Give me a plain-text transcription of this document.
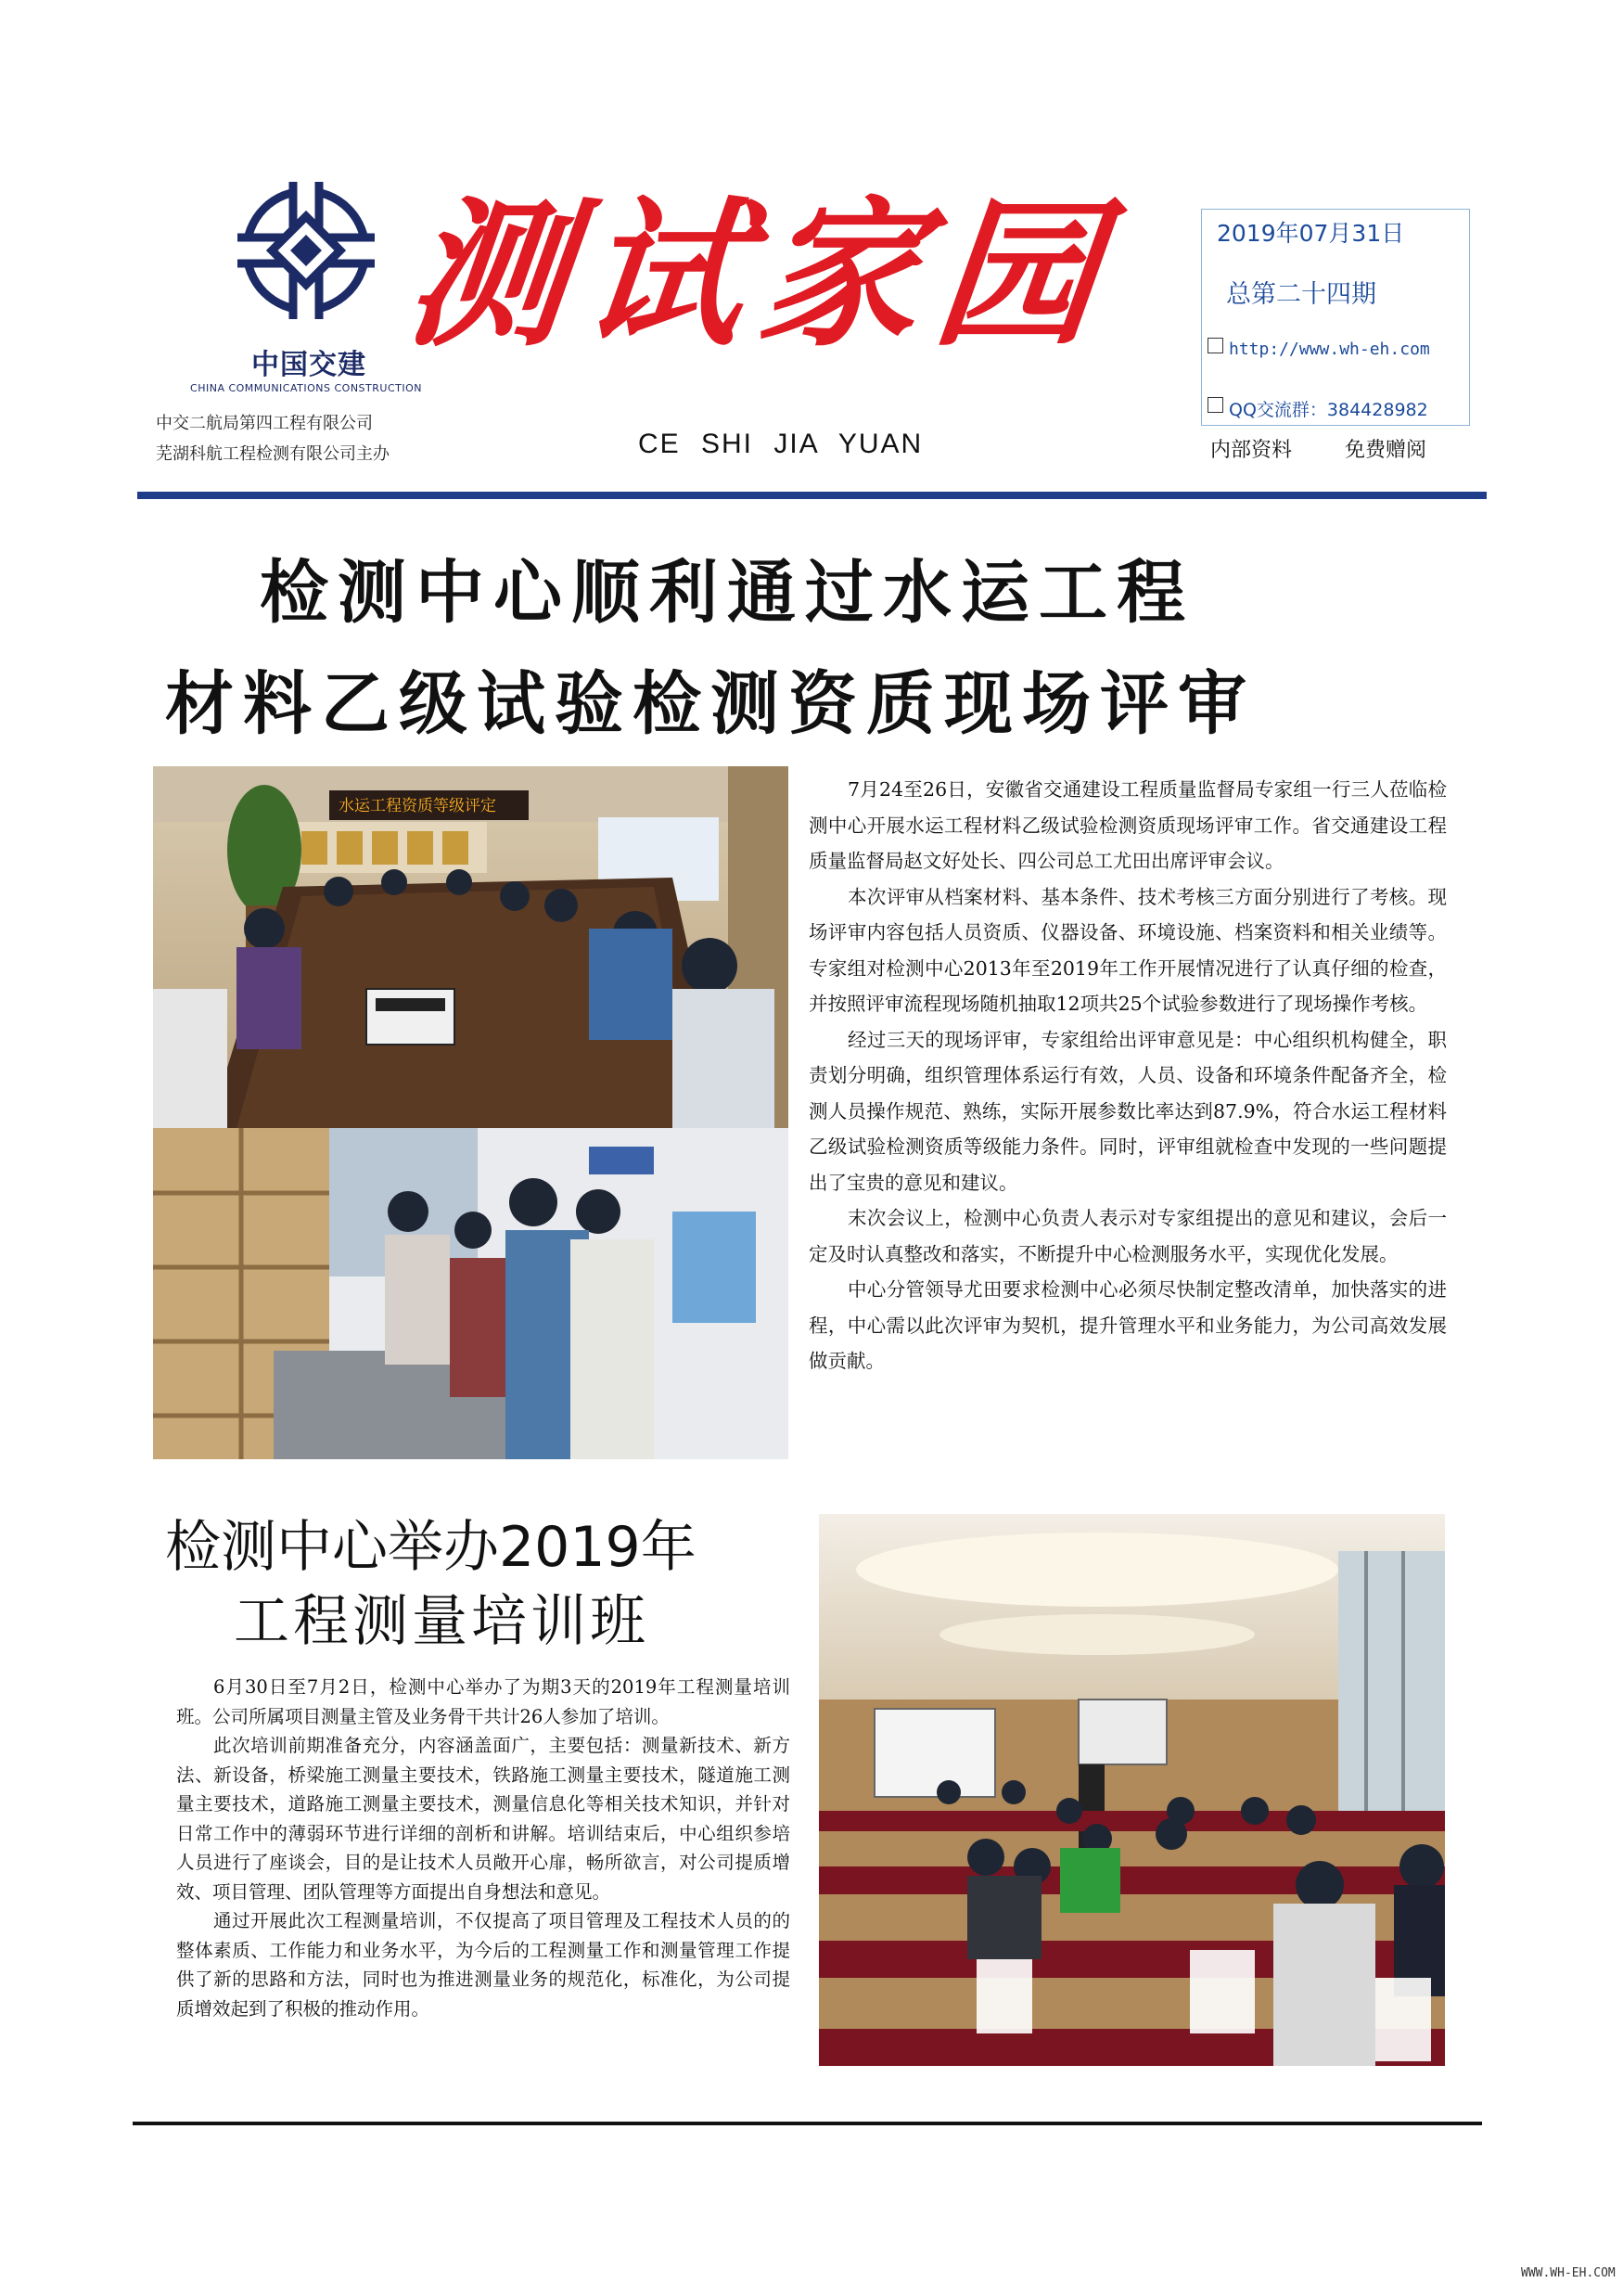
中国交建
CHINA COMMUNICATIONS CONSTRUCTION
中交二航局第四工程有限公司
芜湖科航工程检测有限公司主办
测试家园
CE SHI JIA YUAN
2019年07月31日
总第二十四期
http://www.wh-eh.com
QQ交流群：384428982
内部资料	免费赠阅
检测中心顺利通过水运工程
材料乙级试验检测资质现场评审
水运工程资质等级评定

7月24至26日，安徽省交通建设工程质量监督局专家组一行三人莅临检测中心开展水运工程材料乙级试验检测资质现场评审工作。省交通建设工程质量监督局赵文好处长、四公司总工尤田出席评审会议。

本次评审从档案材料、基本条件、技术考核三方面分别进行了考核。现场评审内容包括人员资质、仪器设备、环境设施、档案资料和相关业绩等。专家组对检测中心2013年至2019年工作开展情况进行了认真仔细的检查，并按照评审流程现场随机抽取12项共25个试验参数进行了现场操作考核。

经过三天的现场评审，专家组给出评审意见是：中心组织机构健全，职责划分明确，组织管理体系运行有效，人员、设备和环境条件配备齐全，检测人员操作规范、熟练，实际开展参数比率达到87.9%，符合水运工程材料乙级试验检测资质等级能力条件。同时，评审组就检查中发现的一些问题提出了宝贵的意见和建议。

末次会议上，检测中心负责人表示对专家组提出的意见和建议，会后一定及时认真整改和落实，不断提升中心检测服务水平，实现优化发展。

中心分管领导尤田要求检测中心必须尽快制定整改清单，加快落实的进程，中心需以此次评审为契机，提升管理水平和业务能力，为公司高效发展做贡献。

检测中心举办2019年
工程测量培训班

6月30日至7月2日，检测中心举办了为期3天的2019年工程测量培训班。公司所属项目测量主管及业务骨干共计26人参加了培训。

此次培训前期准备充分，内容涵盖面广，主要包括：测量新技术、新方法、新设备，桥梁施工测量主要技术，铁路施工测量主要技术，隧道施工测量主要技术，道路施工测量主要技术，测量信息化等相关技术知识，并针对日常工作中的薄弱环节进行详细的剖析和讲解。培训结束后，中心组织参培人员进行了座谈会，目的是让技术人员敞开心扉，畅所欲言，对公司提质增效、项目管理、团队管理等方面提出自身想法和意见。

通过开展此次工程测量培训，不仅提高了项目管理及工程技术人员的的整体素质、工作能力和业务水平，为今后的工程测量工作和测量管理工作提供了新的思路和方法，同时也为推进测量业务的规范化，标准化，为公司提质增效起到了积极的推动作用。

WWW.WH-EH.COM
